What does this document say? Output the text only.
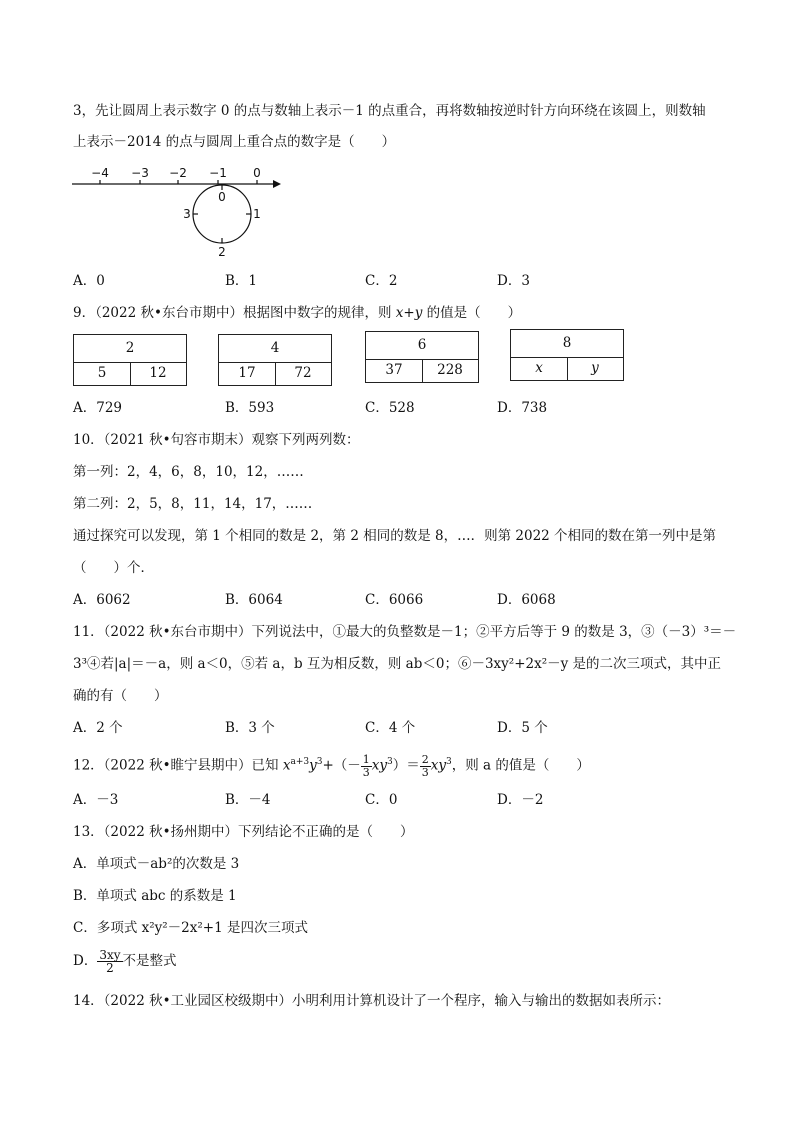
3，先让圆周上表示数字 0 的点与数轴上表示－1 的点重合，再将数轴按逆时针方向环绕在该圆上，则数轴
上表示－2014 的点与圆周上重合点的数字是（　　）
−4 −3 −2 −1 0
0
1
2
3
A．0	B．1	C．2	D．3
9．（2022 秋•东台市期中）根据图中数字的规律，则 x+y 的值是（　　）
2
5	12
4
17	72
6
37	228
8
x	y
A．729	B．593	C．528	D．738
10．（2021 秋•句容市期末）观察下列两列数：
第一列：2，4，6，8，10，12，……
第二列：2，5，8，11，14，17，……
通过探究可以发现，第 1 个相同的数是 2，第 2 相同的数是 8，…．则第 2022 个相同的数在第一列中是第
（　　）个．
A．6062	B．6064	C．6066	D．6068
11．（2022 秋•东台市期中）下列说法中，①最大的负整数是－1；②平方后等于 9 的数是 3，③（－3）³＝－
3³④若|a|＝－a，则 a＜0，⑤若 a，b 互为相反数，则 ab＜0；⑥－3xy²+2x²－y 是的二次三项式，其中正
确的有（　　）
A．2 个	B．3 个	C．4 个	D．5 个
12．（2022 秋•睢宁县期中）已知 $x^{a+3}y^3+(- \frac{1}{3} xy^3)= \frac{2}{3} xy^3$，则 a 的值是（　　）
A．－3	B．－4	C．0	D．－2
13．（2022 秋•扬州期中）下列结论不正确的是（　　）
A．单项式－ab²的次数是 3
B．单项式 abc 的系数是 1
C．多项式 x²y²－2x²+1 是四次三项式
D． $\frac{3xy}{2}$ 不是整式
14．（2022 秋•工业园区校级期中）小明利用计算机设计了一个程序，输入与输出的数据如表所示：
